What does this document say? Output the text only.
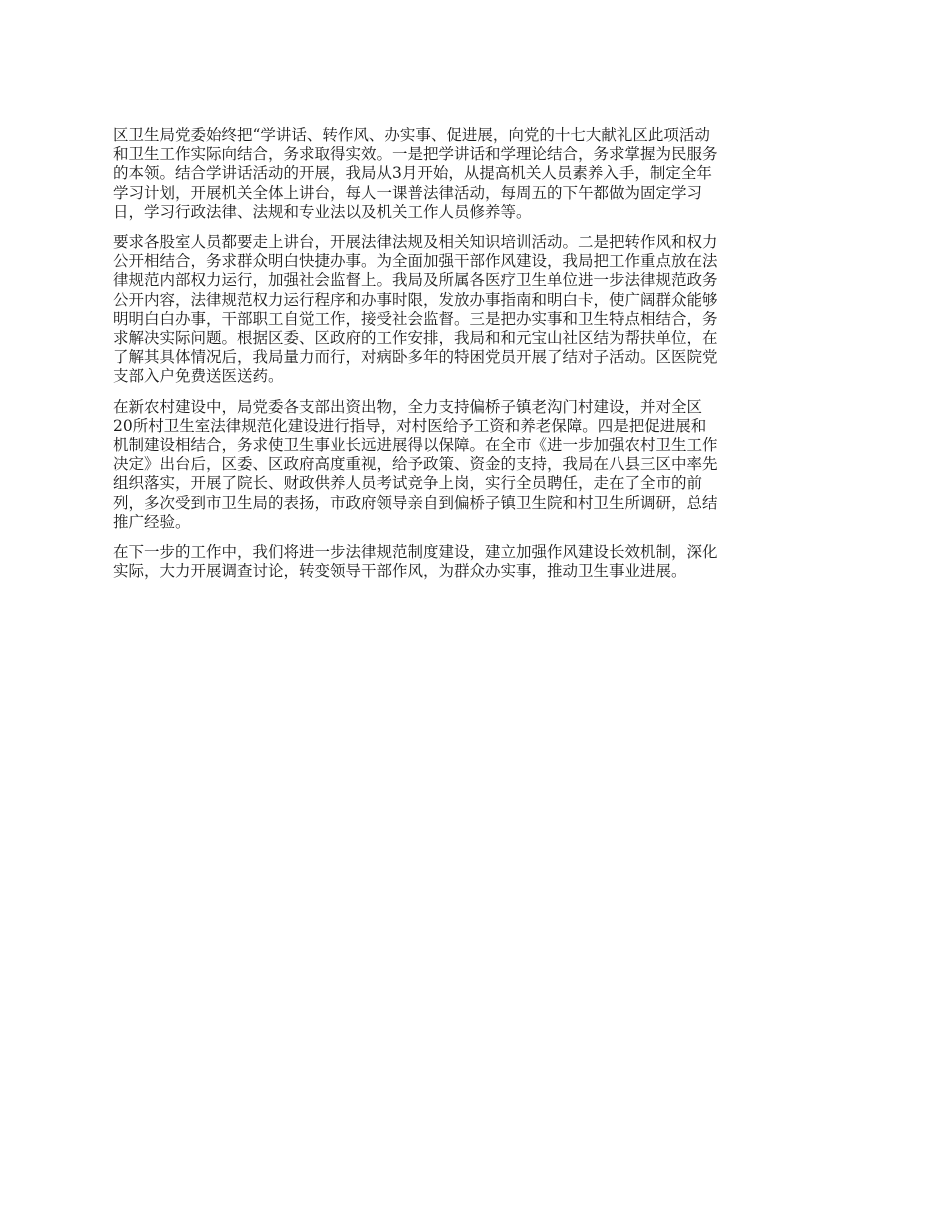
区卫生局党委始终把“学讲话、转作风、办实事、促进展，向党的十七大献礼区此项活动
和卫生工作实际向结合，务求取得实效。一是把学讲话和学理论结合，务求掌握为民服务
的本领。结合学讲话活动的开展，我局从3月开始，从提高机关人员素养入手，制定全年
学习计划，开展机关全体上讲台，每人一课普法律活动，每周五的下午都做为固定学习
日，学习行政法律、法规和专业法以及机关工作人员修养等。

要求各股室人员都要走上讲台，开展法律法规及相关知识培训活动。二是把转作风和权力
公开相结合，务求群众明白快捷办事。为全面加强干部作风建设，我局把工作重点放在法
律规范内部权力运行，加强社会监督上。我局及所属各医疗卫生单位进一步法律规范政务
公开内容，法律规范权力运行程序和办事时限，发放办事指南和明白卡，使广阔群众能够
明明白白办事，干部职工自觉工作，接受社会监督。三是把办实事和卫生特点相结合，务
求解决实际问题。根据区委、区政府的工作安排，我局和和元宝山社区结为帮扶单位，在
了解其具体情况后，我局量力而行，对病卧多年的特困党员开展了结对子活动。区医院党
支部入户免费送医送药。

在新农村建设中，局党委各支部出资出物，全力支持偏桥子镇老沟门村建设，并对全区
20所村卫生室法律规范化建设进行指导，对村医给予工资和养老保障。四是把促进展和
机制建设相结合，务求使卫生事业长远进展得以保障。在全市《进一步加强农村卫生工作
决定》出台后，区委、区政府高度重视，给予政策、资金的支持，我局在八县三区中率先
组织落实，开展了院长、财政供养人员考试竞争上岗，实行全员聘任，走在了全市的前
列，多次受到市卫生局的表扬，市政府领导亲自到偏桥子镇卫生院和村卫生所调研，总结
推广经验。

在下一步的工作中，我们将进一步法律规范制度建设，建立加强作风建设长效机制，深化
实际，大力开展调查讨论，转变领导干部作风，为群众办实事，推动卫生事业进展。
